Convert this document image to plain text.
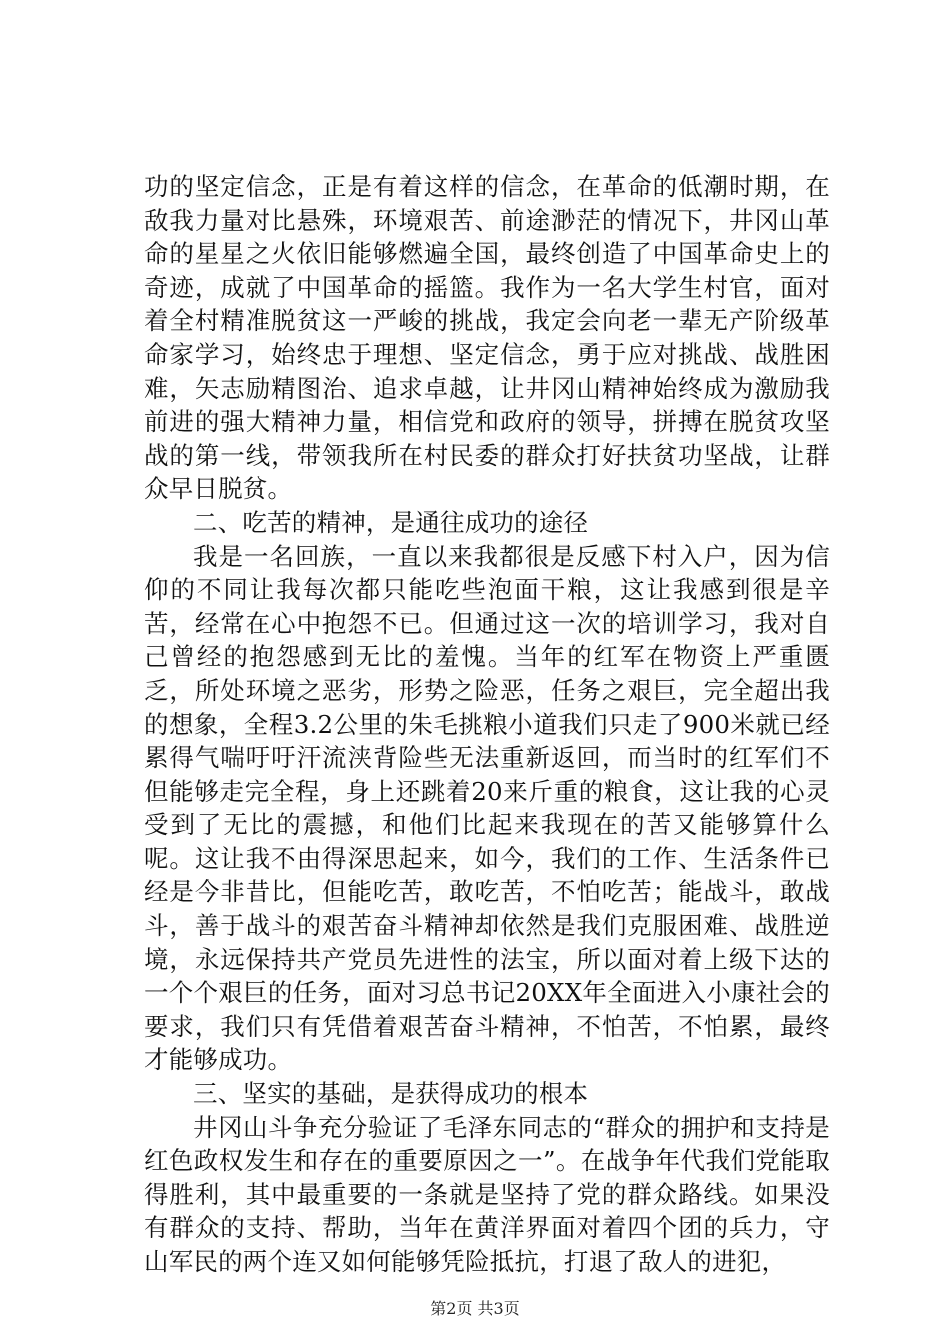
功的坚定信念，正是有着这样的信念，在革命的低潮时期，在敌我力量对比悬殊，环境艰苦、前途渺茫的情况下，井冈山革命的星星之火依旧能够燃遍全国，最终创造了中国革命史上的奇迹，成就了中国革命的摇篮。我作为一名大学生村官，面对着全村精准脱贫这一严峻的挑战，我定会向老一辈无产阶级革命家学习，始终忠于理想、坚定信念，勇于应对挑战、战胜困难，矢志励精图治、追求卓越，让井冈山精神始终成为激励我前进的强大精神力量，相信党和政府的领导，拼搏在脱贫攻坚战的第一线，带领我所在村民委的群众打好扶贫功坚战，让群众早日脱贫。

二、吃苦的精神，是通往成功的途径

我是一名回族，一直以来我都很是反感下村入户，因为信仰的不同让我每次都只能吃些泡面干粮，这让我感到很是辛苦，经常在心中抱怨不已。但通过这一次的培训学习，我对自己曾经的抱怨感到无比的羞愧。当年的红军在物资上严重匮乏，所处环境之恶劣，形势之险恶，任务之艰巨，完全超出我的想象，全程3.2公里的朱毛挑粮小道我们只走了900米就已经累得气喘吁吁汗流浃背险些无法重新返回，而当时的红军们不但能够走完全程，身上还跳着20来斤重的粮食，这让我的心灵受到了无比的震撼，和他们比起来我现在的苦又能够算什么呢。这让我不由得深思起来，如今，我们的工作、生活条件已经是今非昔比，但能吃苦，敢吃苦，不怕吃苦；能战斗，敢战斗，善于战斗的艰苦奋斗精神却依然是我们克服困难、战胜逆境，永远保持共产党员先进性的法宝，所以面对着上级下达的一个个艰巨的任务，面对习总书记20XX年全面进入小康社会的要求，我们只有凭借着艰苦奋斗精神，不怕苦，不怕累，最终才能够成功。

三、坚实的基础，是获得成功的根本

井冈山斗争充分验证了毛泽东同志的“群众的拥护和支持是红色政权发生和存在的重要原因之一”。在战争年代我们党能取得胜利，其中最重要的一条就是坚持了党的群众路线。如果没有群众的支持、帮助，当年在黄洋界面对着四个团的兵力，守山军民的两个连又如何能够凭险抵抗，打退了敌人的进犯，

第2页 共3页
